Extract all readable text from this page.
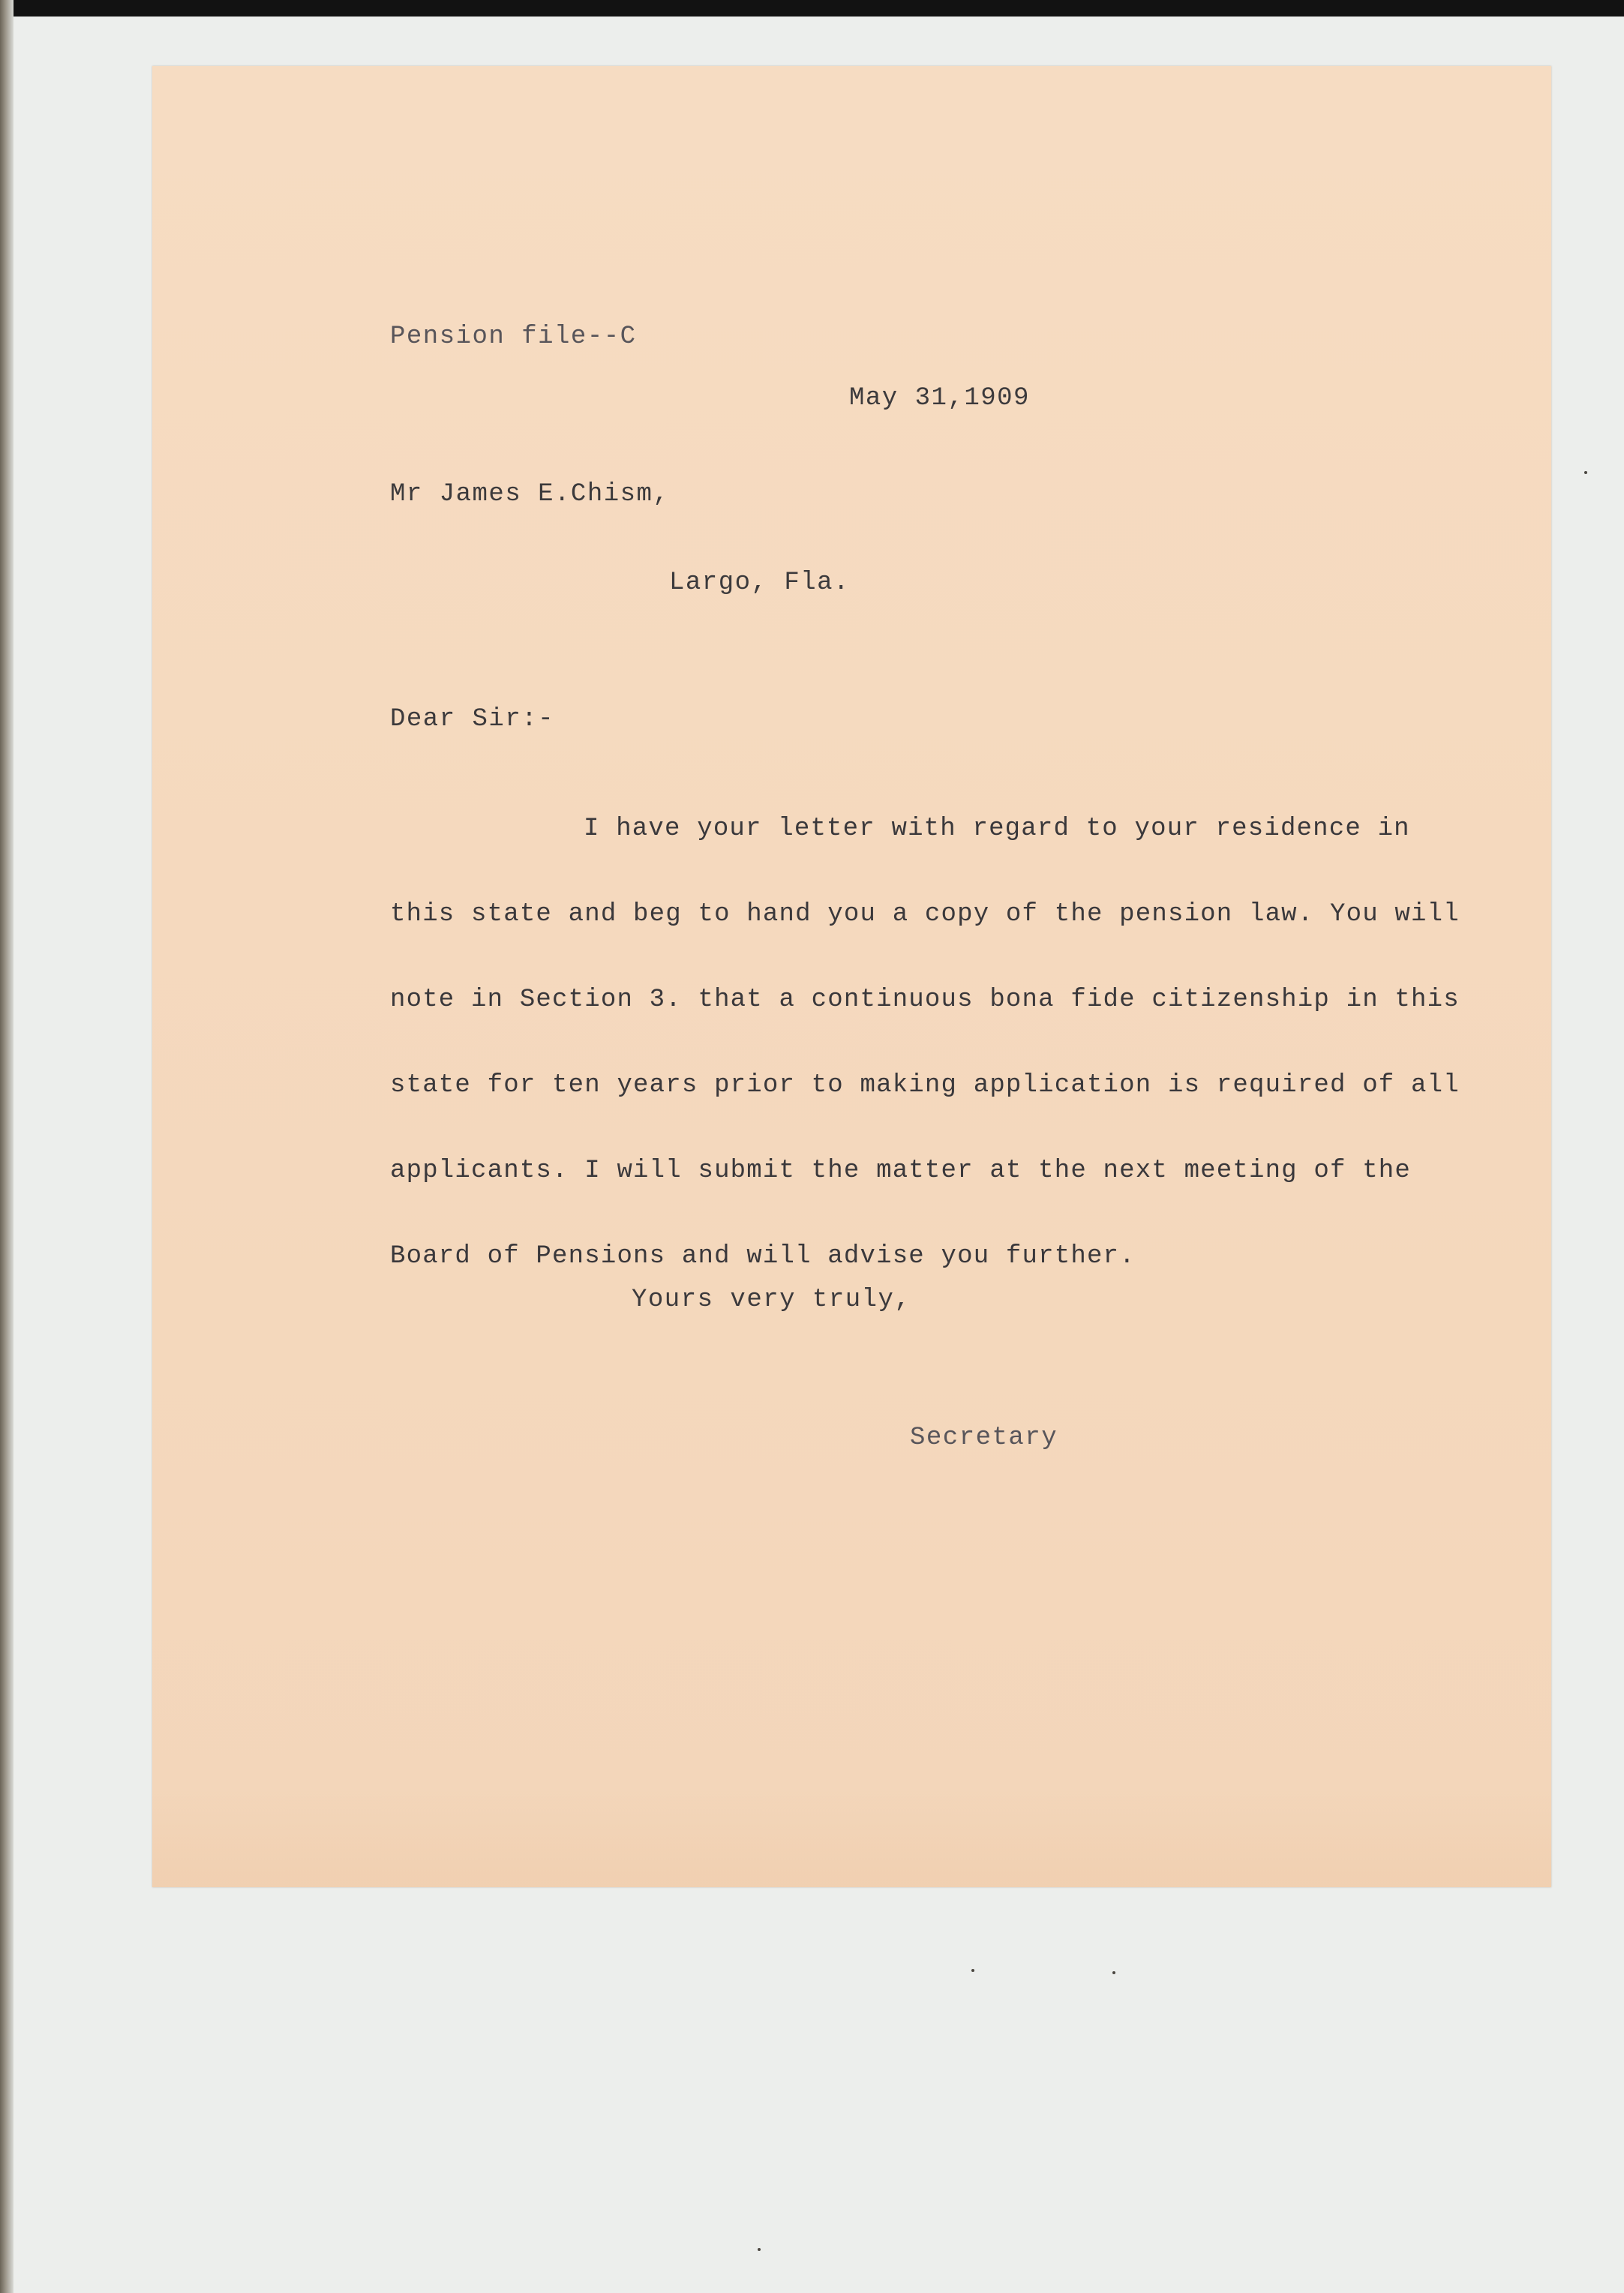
Pension file--C

May 31,1909

Mr James E.Chism,

Largo, Fla.

Dear Sir:-

I have your letter with regard to your residence in
this state and beg to hand you a copy of the pension law. You will
note in Section 3. that a continuous bona fide citizenship in this
state for ten years prior to making application is required of all
applicants. I will submit the matter at the next meeting of the
Board of Pensions and will advise you further.

Yours very truly,

Secretary
